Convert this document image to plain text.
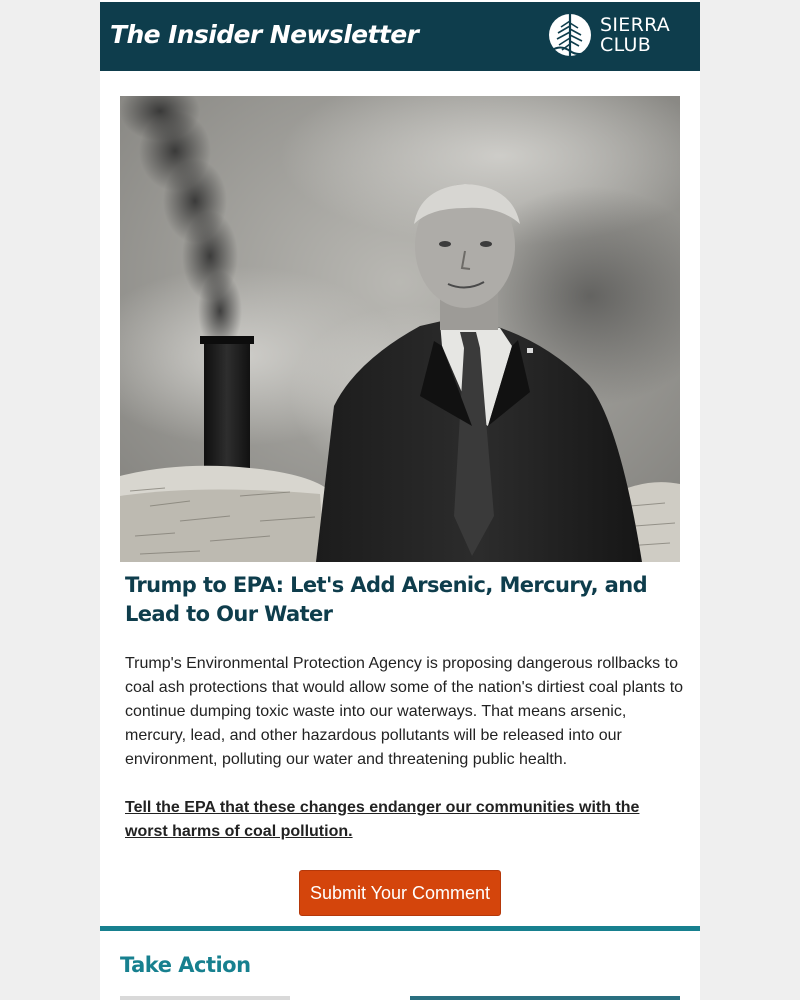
The Insider Newsletter	SIERRA
CLUB
Trump to EPA: Let's Add Arsenic, Mercury, and Lead to Our Water

Trump's Environmental Protection Agency is proposing dangerous rollbacks to coal ash protections that would allow some of the nation's dirtiest coal plants to continue dumping toxic waste into our waterways. That means arsenic, mercury, lead, and other hazardous pollutants will be released into our environment, polluting our water and threatening public health.

Tell the EPA that these changes endanger our communities with the worst harms of coal pollution.
Submit Your Comment
Take Action
